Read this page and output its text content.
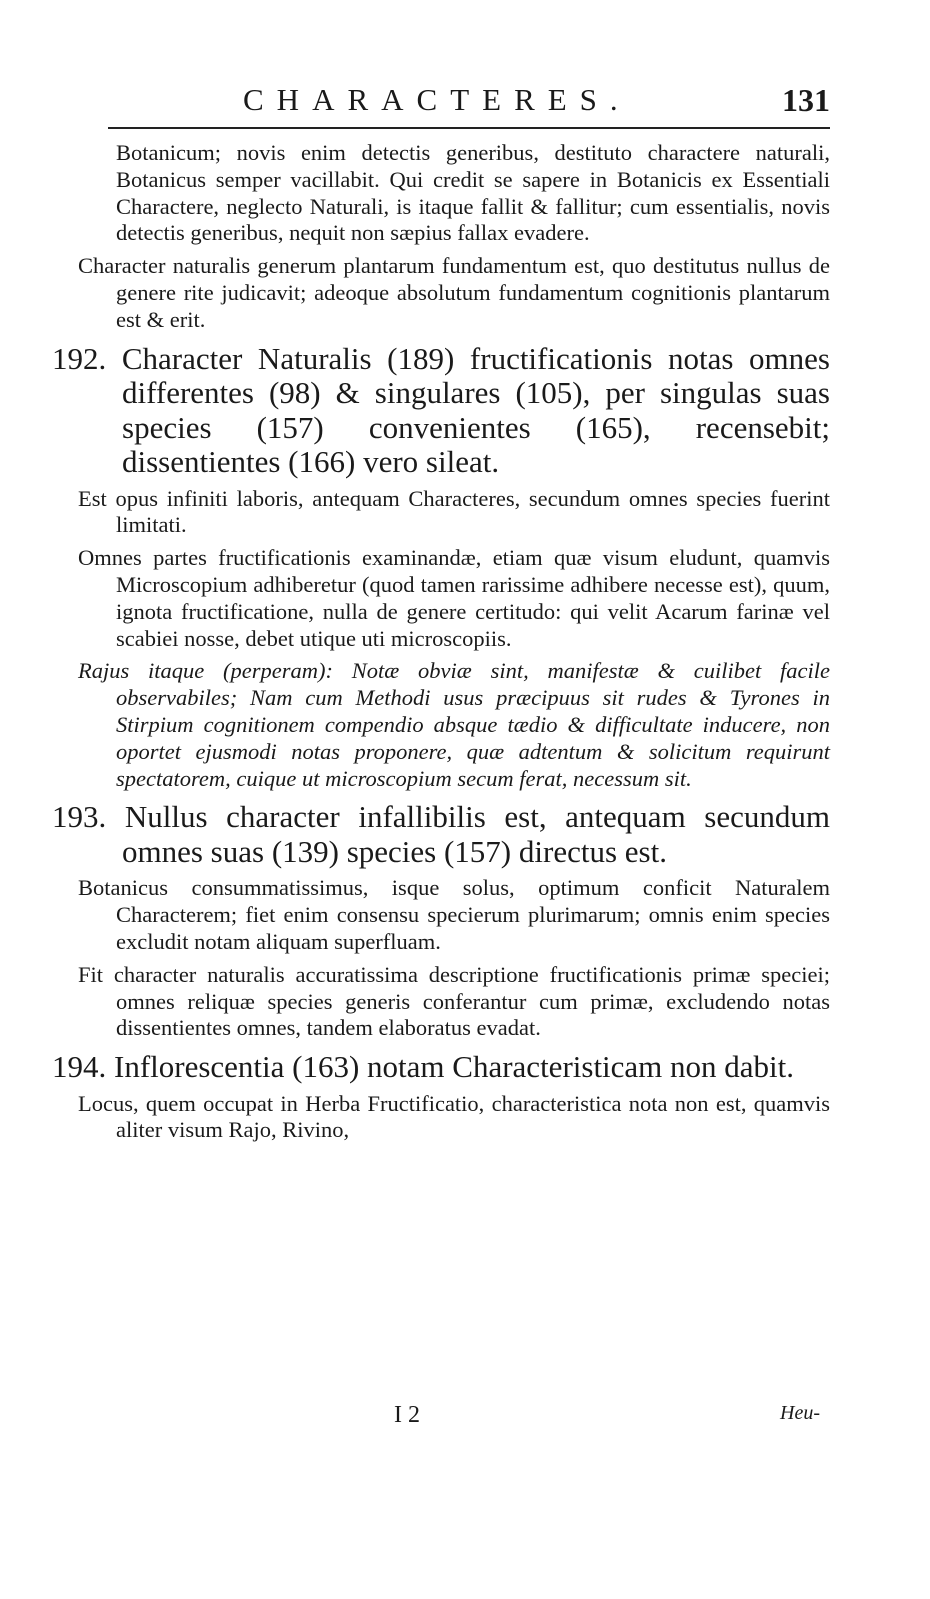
CHARACTERES.	131

Botanicum; novis enim detectis generibus, destituto charactere naturali, Botanicus semper vacillabit. Qui credit se sapere in Botanicis ex Essentiali Charactere, neglecto Naturali, is itaque fallit & fallitur; cum essentialis, novis detectis generibus, nequit non sæpius fallax evadere.

Character naturalis generum plantarum fundamentum est, quo destitutus nullus de genere rite judicavit; adeoque absolutum fundamentum cognitionis plantarum est & erit.

192. Character Naturalis (189) fructificationis notas omnes differentes (98) & singulares (105), per singulas suas species (157) convenientes (165), recensebit; dissentientes (166) vero sileat.

Est opus infiniti laboris, antequam Characteres, secundum omnes species fuerint limitati.

Omnes partes fructificationis examinandæ, etiam quæ visum eludunt, quamvis Microscopium adhiberetur (quod tamen rarissime adhibere necesse est), quum, ignota fructificatione, nulla de genere certitudo: qui velit Acarum farinæ vel scabiei nosse, debet utique uti microscopiis.

Rajus itaque (perperam): Notæ obviæ sint, manifestæ & cuilibet facile observabiles; Nam cum Methodi usus præcipuus sit rudes & Tyrones in Stirpium cognitionem compendio absque tædio & difficultate inducere, non oportet ejusmodi notas proponere, quæ adtentum & solicitum requirunt spectatorem, cuique ut microscopium secum ferat, necessum sit.

193. Nullus character infallibilis est, antequam secundum omnes suas (139) species (157) directus est.

Botanicus consummatissimus, isque solus, optimum conficit Naturalem Characterem; fiet enim consensu specierum plurimarum; omnis enim species excludit notam aliquam superfluam.

Fit character naturalis accuratissima descriptione fructificationis primæ speciei; omnes reliquæ species generis conferantur cum primæ, excludendo notas dissentientes omnes, tandem elaboratus evadat.

194. Inflorescentia (163) notam Characteristicam non dabit.

Locus, quem occupat in Herba Fructificatio, characteristica nota non est, quamvis aliter visum Rajo, Rivino,

I 2	Heu-
